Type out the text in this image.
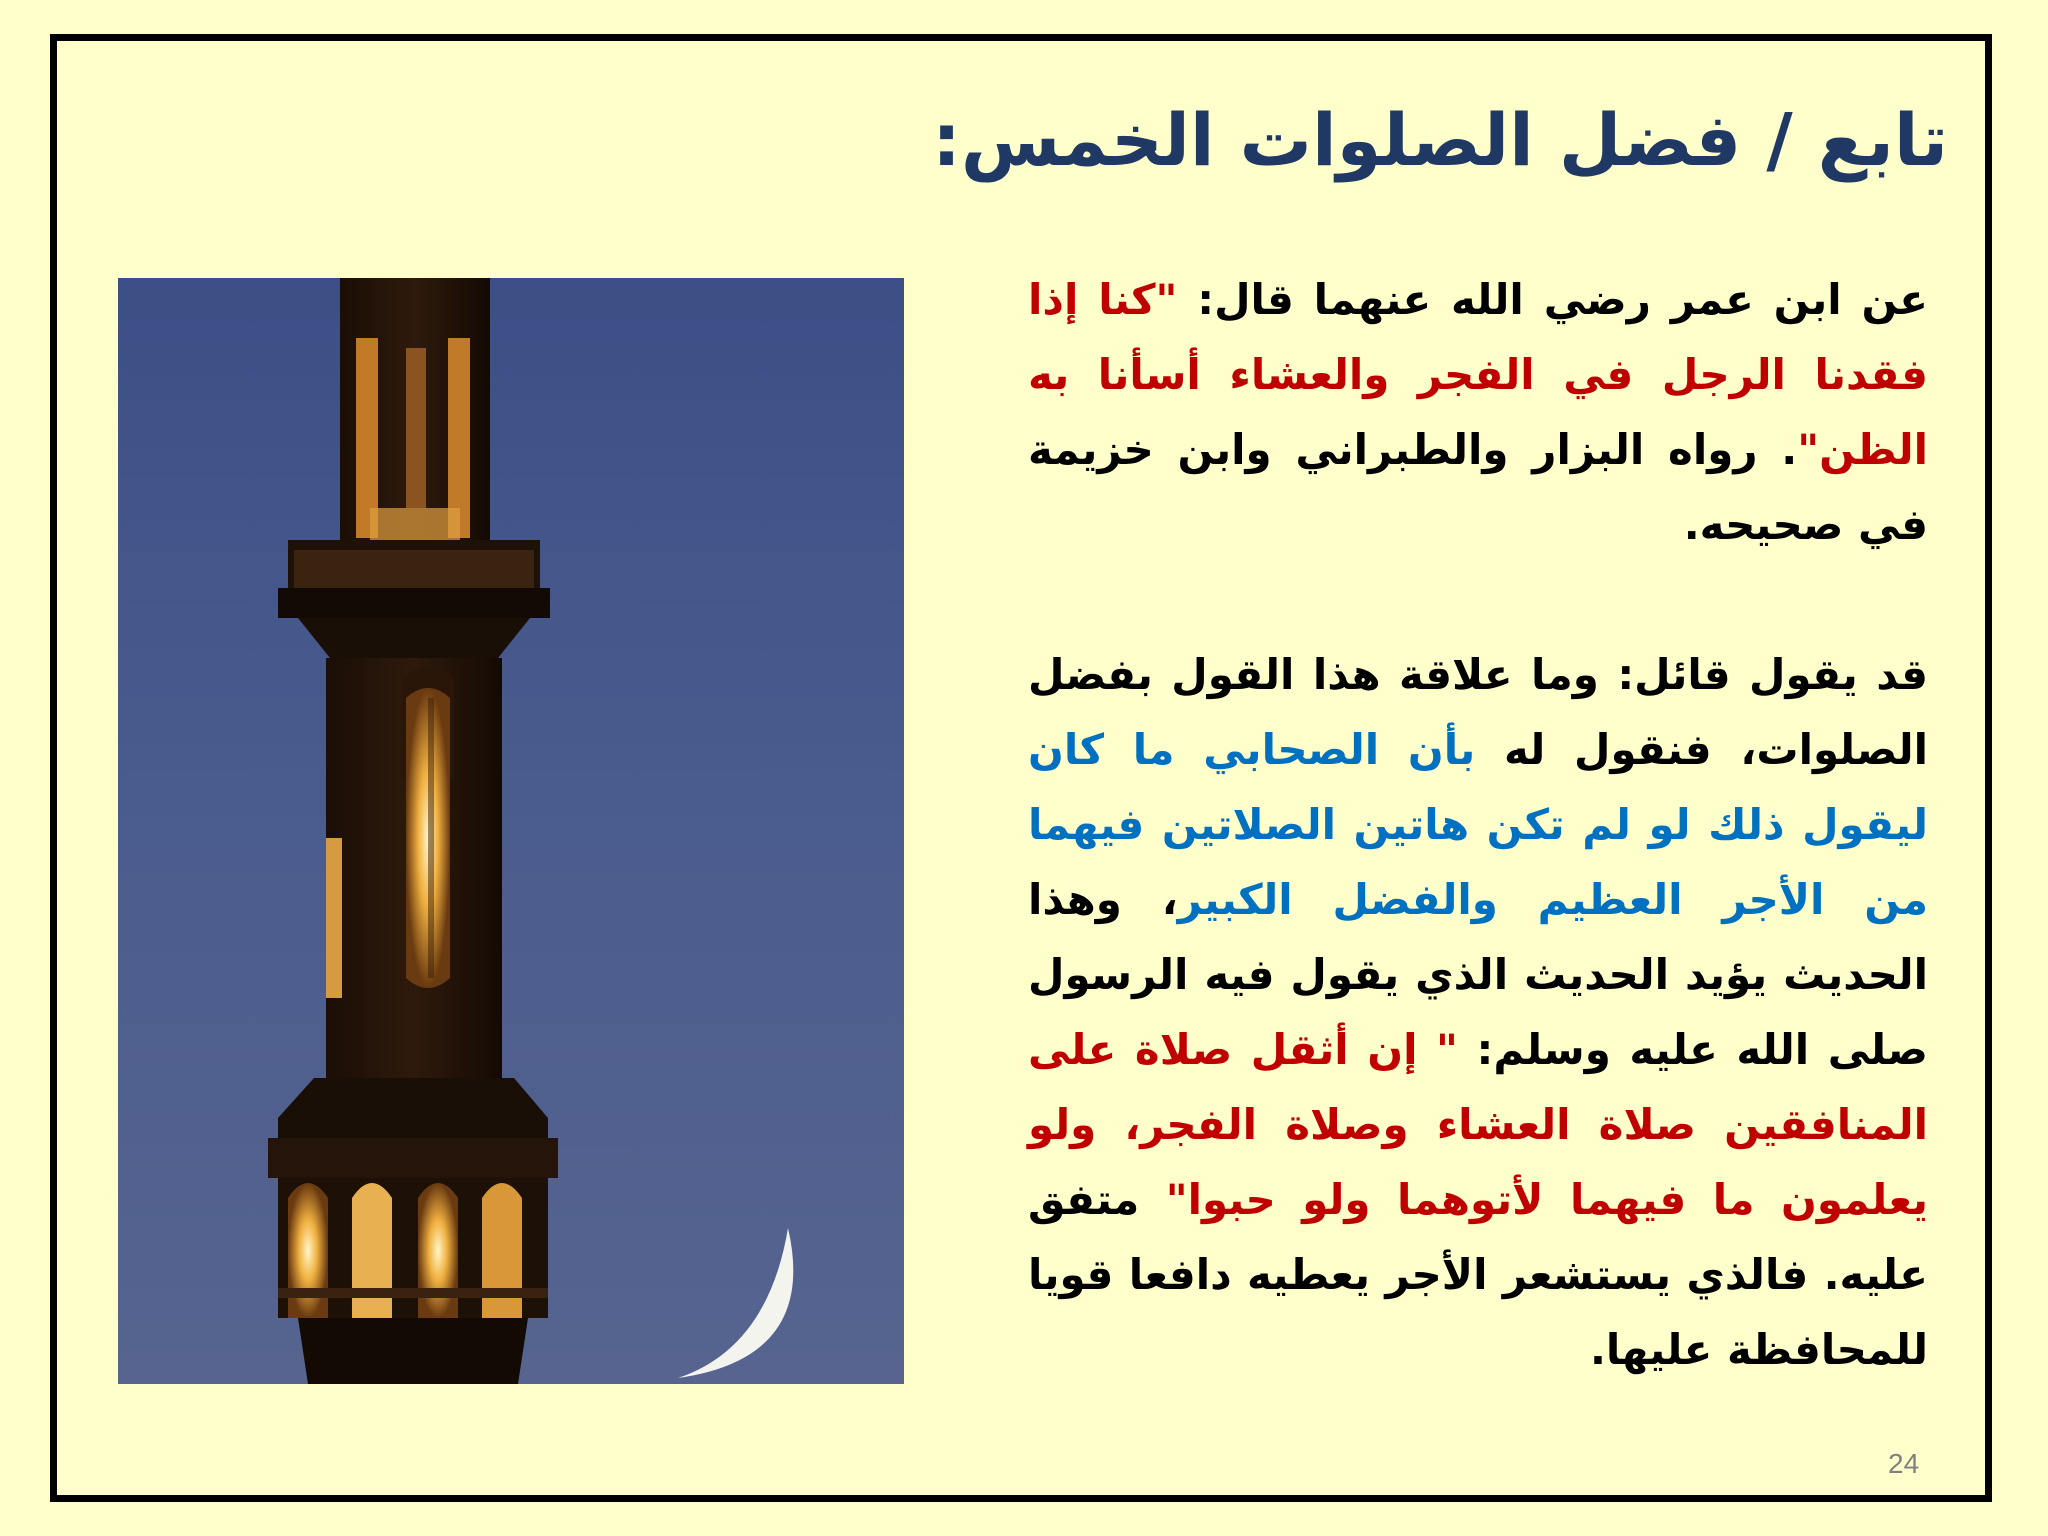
تابع / فضل الصلوات الخمس:

عن ابن عمر رضي الله عنهما قال: "كنا إذا فقدنا الرجل في الفجر والعشاء أسأنا به الظن". رواه البزار والطبراني وابن خزيمة في صحيحه.

قد يقول قائل: وما علاقة هذا القول بفضل الصلوات، فنقول له بأن الصحابي ما كان ليقول ذلك لو لم تكن هاتين الصلاتين فيهما من الأجر العظيم والفضل الكبير، وهذا الحديث يؤيد الحديث الذي يقول فيه الرسول صلى الله عليه وسلم: " إن أثقل صلاة على المنافقين صلاة العشاء وصلاة الفجر، ولو يعلمون ما فيهما لأتوهما ولو حبوا" متفق عليه. فالذي يستشعر الأجر يعطيه دافعا قويا للمحافظة عليها.

24
